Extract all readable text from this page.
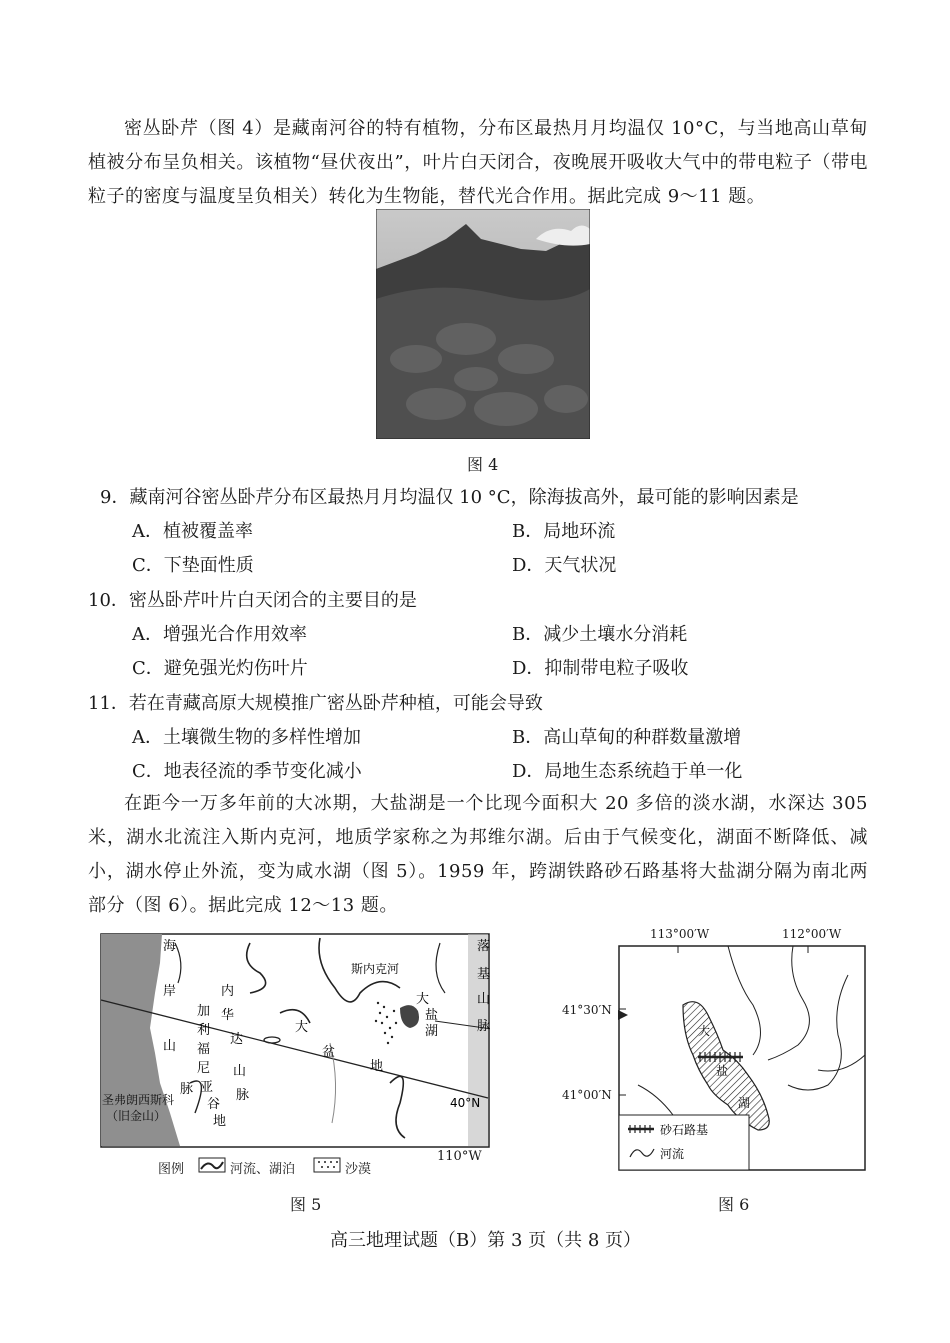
密丛卧芹（图 4）是藏南河谷的特有植物，分布区最热月月均温仅 10°C，与当地高山草甸植被分布呈负相关。该植物“昼伏夜出”，叶片白天闭合，夜晚展开吸收大气中的带电粒子（带电粒子的密度与温度呈负相关）转化为生物能，替代光合作用。据此完成 9～11 题。
图 4
9．藏南河谷密丛卧芹分布区最热月月均温仅 10 °C，除海拔高外，最可能的影响因素是
A．植被覆盖率	B．局地环流
C．下垫面性质	D．天气状况
10．密丛卧芹叶片白天闭合的主要目的是
A．增强光合作用效率	B．减少土壤水分消耗
C．避免强光灼伤叶片	D．抑制带电粒子吸收
11．若在青藏高原大规模推广密丛卧芹种植，可能会导致
A．土壤微生物的多样性增加	B．高山草甸的种群数量激增
C．地表径流的季节变化减小	D．局地生态系统趋于单一化
在距今一万多年前的大冰期，大盐湖是一个比现今面积大 20 多倍的淡水湖，水深达 305 米，湖水北流注入斯内克河，地质学家称之为邦维尔湖。后由于气候变化，湖面不断降低、减小，湖水停止外流，变为咸水湖（图 5）。1959 年，跨湖铁路砂石路基将大盐湖分隔为南北两部分（图 6）。据此完成 12～13 题。
海
岸
山
脉
圣弗朗西斯科
（旧金山）
内
华
达
山
脉
加
利
福
尼
亚
谷
地
大
盆
地
斯内克河
大
盐
湖
落
基
山
脉
40°N
110°W
图例	河流、湖泊	沙漠
图 5
113°00′W	112°00′W
41°30′N
41°00′N
大
盐
湖
砂石路基
河流
图 6
高三地理试题（B）第 3 页（共 8 页）
